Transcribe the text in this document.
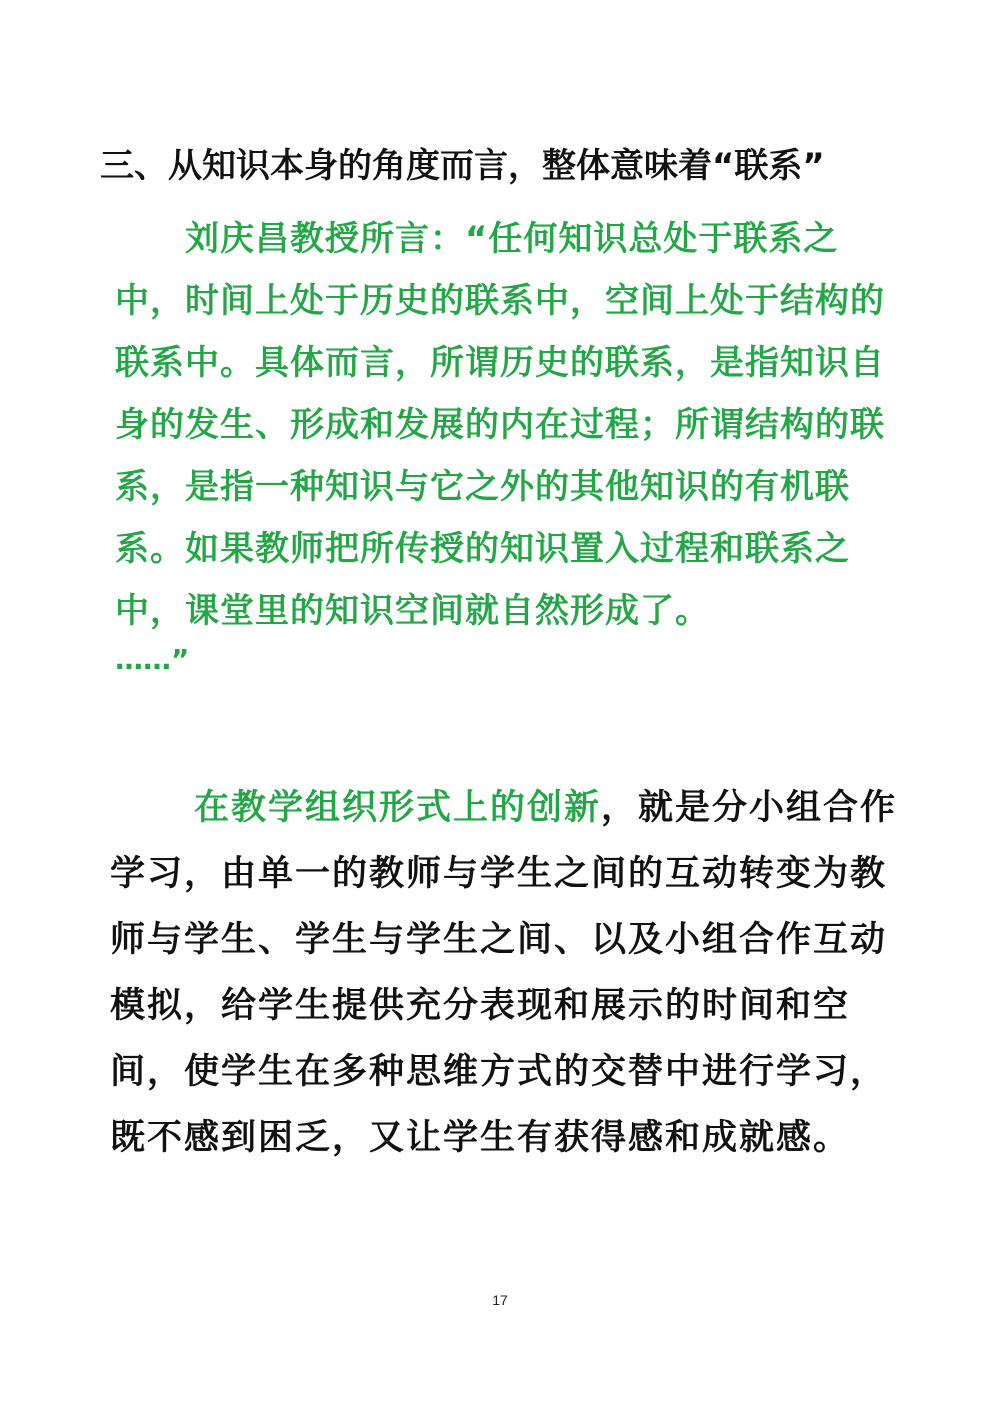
三、从知识本身的角度而言，整体意味着“联系”
刘庆昌教授所言：“任何知识总处于联系之中，时间上处于历史的联系中，空间上处于结构的联系中。具体而言，所谓历史的联系，是指知识自身的发生、形成和发展的内在过程；所谓结构的联系，是指一种知识与它之外的其他知识的有机联系。如果教师把所传授的知识置入过程和联系之中，课堂里的知识空间就自然形成了。
……”
在教学组织形式上的创新，就是分小组合作学习，由单一的教师与学生之间的互动转变为教师与学生、学生与学生之间、以及小组合作互动模拟，给学生提供充分表现和展示的时间和空间，使学生在多种思维方式的交替中进行学习，既不感到困乏，又让学生有获得感和成就感。
17
